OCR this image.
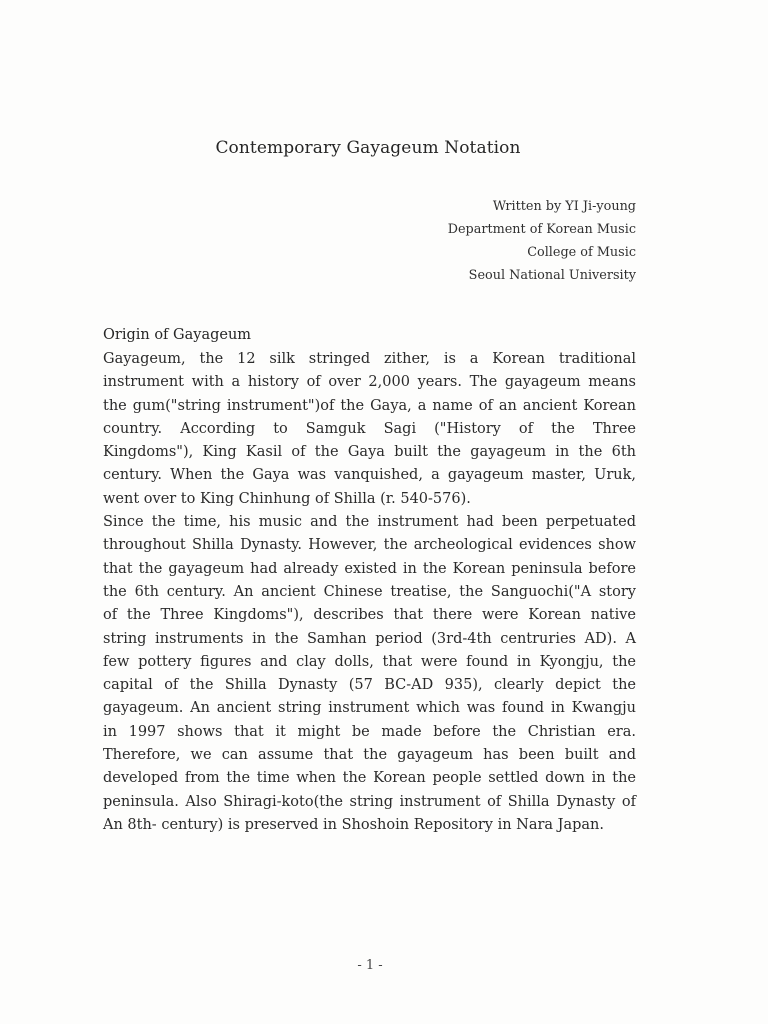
Contemporary Gayageum Notation
Written by YI Ji-young
Department of Korean Music
College of Music
Seoul National University
Origin of Gayageum
Gayageum, the 12 silk stringed zither, is a Korean traditional
instrument with a history of over 2,000 years. The gayageum means
the gum("string instrument")of the Gaya, a name of an ancient Korean
country. According to Samguk Sagi ("History of the Three
Kingdoms"), King Kasil of the Gaya built the gayageum in the 6th
century. When the Gaya was vanquished, a gayageum master, Uruk,
went over to King Chinhung of Shilla (r. 540-576).
Since the time, his music and the instrument had been perpetuated
throughout Shilla Dynasty. However, the archeological evidences show
that the gayageum had already existed in the Korean peninsula before
the 6th century. An ancient Chinese treatise, the Sanguochi("A story
of the Three Kingdoms"), describes that there were Korean native
string instruments in the Samhan period (3rd-4th centruries AD). A
few pottery figures and clay dolls, that were found in Kyongju, the
capital of the Shilla Dynasty (57 BC-AD 935), clearly depict the
gayageum. An ancient string instrument which was found in Kwangju
in 1997 shows that it might be made before the Christian era.
Therefore, we can assume that the gayageum has been built and
developed from the time when the Korean people settled down in the
peninsula. Also Shiragi-koto(the string instrument of Shilla Dynasty of
An 8th- century) is preserved in Shoshoin Repository in Nara Japan.
- 1 -
